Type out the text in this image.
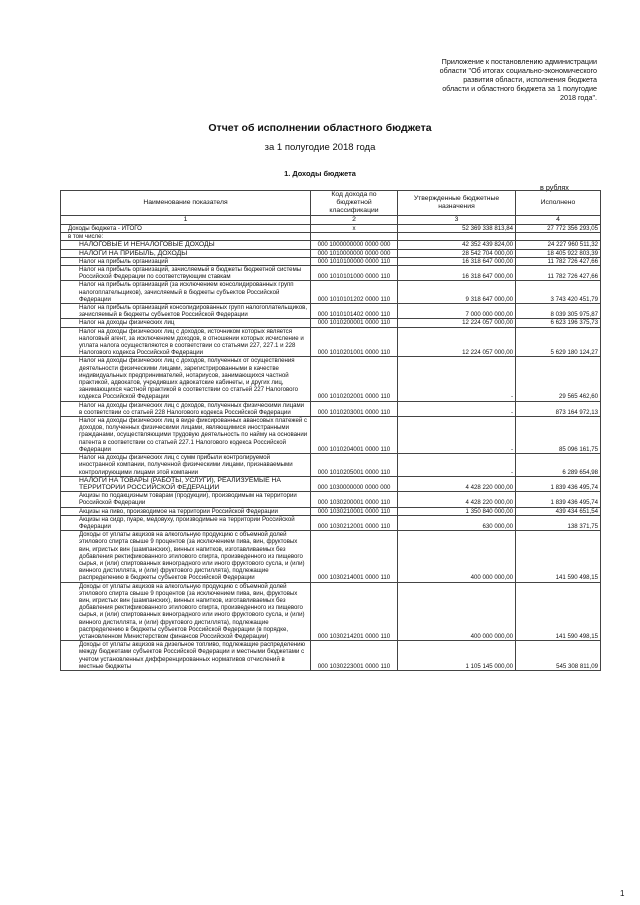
Приложение к постановлению администрации
области "Об итогах социально-экономического
развития области, исполнения бюджета
области и областного бюджета за 1 полугодие
2018 года".
Отчет об исполнении областного бюджета
за 1 полугодие 2018 года
1. Доходы бюджета
в рублях
Наименование показателя	Код дохода по бюджетной классификации	Утвержденные бюджетные назначения	Исполнено
1	2	3	4
Доходы бюджета - ИТОГО	x	52 369 338 813,84	27 772 356 293,05
в том числе:			
НАЛОГОВЫЕ И НЕНАЛОГОВЫЕ ДОХОДЫ	000 1000000000 0000 000	42 352 439 824,00	24 227 960 511,32
НАЛОГИ НА ПРИБЫЛЬ, ДОХОДЫ	000 1010000000 0000 000	28 542 704 000,00	18 405 922 803,39
Налог на прибыль организаций	000 1010100000 0000 110	16 318 647 000,00	11 782 726 427,66
Налог на прибыль организаций, зачисляемый в бюджеты бюджетной системы Российской Федерации по соответствующим ставкам	000 1010101000 0000 110	16 318 647 000,00	11 782 726 427,66
Налог на прибыль организаций (за исключением консолидированных групп налогоплательщиков), зачисляемый в бюджеты субъектов Российской Федерации	000 1010101202 0000 110	9 318 647 000,00	3 743 420 451,79
Налог на прибыль организаций консолидированных групп налогоплательщиков, зачисляемый в бюджеты субъектов Российской Федерации	000 1010101402 0000 110	7 000 000 000,00	8 039 305 975,87
Налог на доходы физических лиц	000 1010200001 0000 110	12 224 057 000,00	6 623 196 375,73
Налог на доходы физических лиц с доходов, источником которых является налоговый агент, за исключением доходов, в отношении которых исчисление и уплата налога осуществляются в соответствии со статьями 227, 227.1 и 228 Налогового кодекса Российской Федерации	000 1010201001 0000 110	12 224 057 000,00	5 629 180 124,27
Налог на доходы физических лиц с доходов, полученных от осуществления деятельности физическими лицами, зарегистрированными в качестве индивидуальных предпринимателей, нотариусов, занимающихся частной практикой, адвокатов, учредивших адвокатские кабинеты, и других лиц, занимающихся частной практикой в соответствии со статьей 227 Налогового кодекса Российской Федерации	000 1010202001 0000 110	-	29 565 462,60
Налог на доходы физических лиц с доходов, полученных физическими лицами в соответствии со статьей 228 Налогового кодекса Российской Федерации	000 1010203001 0000 110	-	873 164 972,13
Налог на доходы физических лиц в виде фиксированных авансовых платежей с доходов, полученных физическими лицами, являющимися иностранными гражданами, осуществляющими трудовую деятельность по найму на основании патента в соответствии со статьей 227.1 Налогового кодекса Российской Федерации	000 1010204001 0000 110	-	85 096 161,75
Налог на доходы физических лиц с сумм прибыли контролируемой иностранной компании, полученной физическими лицами, признаваемыми контролирующими лицами этой компании	000 1010205001 0000 110	-	6 289 654,98
НАЛОГИ НА ТОВАРЫ (РАБОТЫ, УСЛУГИ), РЕАЛИЗУЕМЫЕ НА ТЕРРИТОРИИ РОССИЙСКОЙ ФЕДЕРАЦИИ	000 1030000000 0000 000	4 428 220 000,00	1 839 436 495,74
Акцизы по подакцизным товарам (продукции), производимым на территории Российской Федерации	000 1030200001 0000 110	4 428 220 000,00	1 839 436 495,74
Акцизы на пиво, производимое на территории Российской Федерации	000 1030210001 0000 110	1 350 840 000,00	439 434 651,54
Акцизы на сидр, пуаре, медовуху, производимые на территории Российской Федерации	000 1030212001 0000 110	630 000,00	138 371,75
Доходы от уплаты акцизов на алкогольную продукцию с объемной долей этилового спирта свыше 9 процентов (за исключением пива, вин, фруктовых вин, игристых вин (шампанских), винных напитков, изготавливаемых без добавления ректификованного этилового спирта, произведенного из пищевого сырья, и (или) спиртованных виноградного или иного фруктового сусла, и (или) винного дистиллята, и (или) фруктового дистиллята), подлежащие распределению в бюджеты субъектов Российской Федерации	000 1030214001 0000 110	400 000 000,00	141 590 498,15
Доходы от уплаты акцизов на алкогольную продукцию с объемной долей этилового спирта свыше 9 процентов (за исключением пива, вин, фруктовых вин, игристых вин (шампанских), винных напитков, изготавливаемых без добавления ректификованного этилового спирта, произведенного из пищевого сырья, и (или) спиртованных виноградного или иного фруктового сусла, и (или) винного дистиллята, и (или) фруктового дистиллята), подлежащие распределению в бюджеты субъектов Российской Федерации (в порядке, установленном Министерством финансов Российской Федерации)	000 1030214201 0000 110	400 000 000,00	141 590 498,15
Доходы от уплаты акцизов на дизельное топливо, подлежащие распределению между бюджетами субъектов Российской Федерации и местными бюджетами с учетом установленных дифференцированных нормативов отчислений в местные бюджеты	000 1030223001 0000 110	1 105 145 000,00	545 308 811,09
1
